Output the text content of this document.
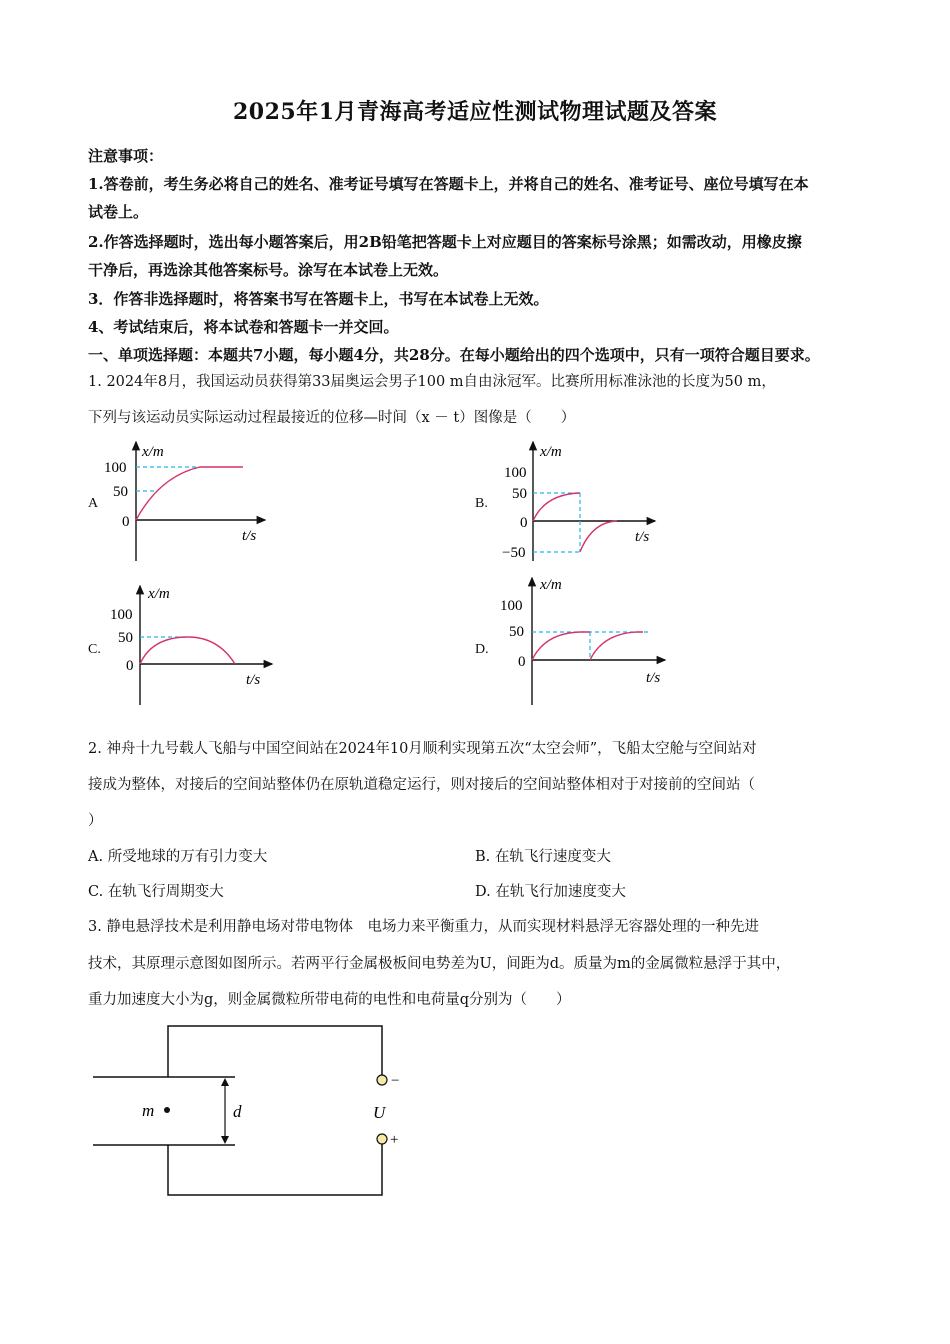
2025年1月青海高考适应性测试物理试题及答案
注意事项：
1.答卷前，考生务必将自己的姓名、准考证号填写在答题卡上，并将自己的姓名、准考证号、座位号填写在本
试卷上。
2.作答选择题时，选出每小题答案后，用2B铅笔把答题卡上对应题目的答案标号涂黑；如需改动，用橡皮擦
干净后，再选涂其他答案标号。涂写在本试卷上无效。
3．作答非选择题时，将答案书写在答题卡上，书写在本试卷上无效。
4、考试结束后，将本试卷和答题卡一并交回。
一、单项选择题：本题共7小题，每小题4分，共28分。在每小题给出的四个选项中，只有一项符合题目要求。
1. 2024年8月，我国运动员获得第33届奥运会男子100 m自由泳冠军。比赛所用标准泳池的长度为50 m，
下列与该运动员实际运动过程最接近的位移—时间（x － t）图像是（　　）
A	B.
C.	D.
x/m
t/s
100
50
0
x/m
t/s
100
50
0
−50
x/m
t/s
100
50
0
x/m
t/s
100
50
0
2. 神舟十九号载人飞船与中国空间站在2024年10月顺利实现第五次“太空会师”，飞船太空舱与空间站对
接成为整体，对接后的空间站整体仍在原轨道稳定运行，则对接后的空间站整体相对于对接前的空间站（
）
A. 所受地球的万有引力变大	B. 在轨飞行速度变大
C. 在轨飞行周期变大	D. 在轨飞行加速度变大
3. 静电悬浮技术是利用静电场对带电物体　电场力来平衡重力，从而实现材料悬浮无容器处理的一种先进
技术，其原理示意图如图所示。若两平行金属极板间电势差为U，间距为d。质量为m的金属微粒悬浮于其中，
重力加速度大小为g，则金属微粒所带电荷的电性和电荷量q分别为（　　）
−
+
U
m	d
